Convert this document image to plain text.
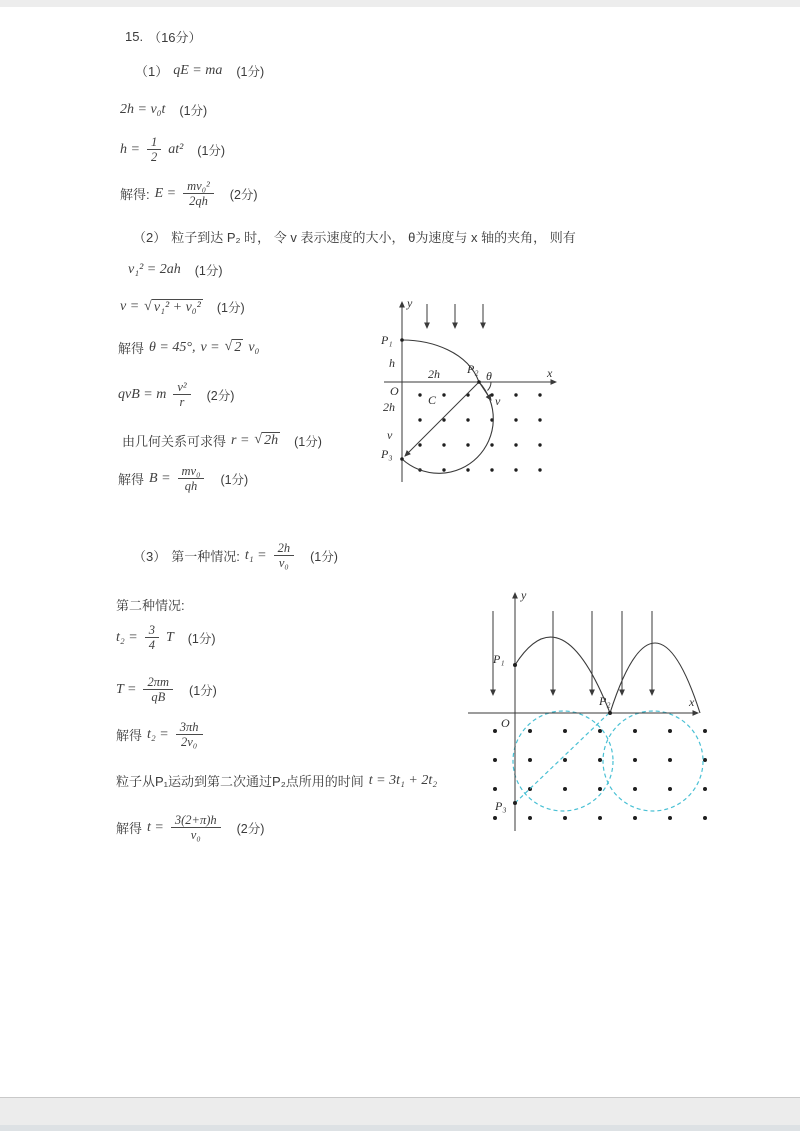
15. （16分）
（1） qE = ma (1分)
2h = v₀t (1分)
$h = \frac{1}{2} at^2$ (1分)
解得: $E = \frac{\text{mv₀²}}{2qh} (2$分)
（2） 粒子到达 P₂ 时， 令 v 表示速度的大小， θ为速度与 x 轴的夹角， 则有
v₁² = 2ah (1分)
v = √ v₁² + v₀² (1分)
解得 θ = 45°, v = √ 2 v₀
qvB = m $\frac{\text{v²}}{r} (2$分)
由几何关系可求得 r = √ 2h (1分)
解得 $B = \frac{\text{mv₀}}{qh} (1$分)
y
x
P₁
h
O
2h P₂ θ
v
C
2h
v
P₃
（3） 第一种情况: $t_1 = \frac{2h}{\text{v₀}} (1$分)
第二种情况:
$t_2 = \frac{3}{4}$ T (1分)
$T = \frac{2\pi m}{qB} (1$分)
解得 $t_2 = \frac{3\pi h}{\text{2v₀}}$
粒子从P₁运动到第二次通过P₂点所用的时间 t = 3t₁ + 2t₂
解得 $t = \frac{3(2+\pi)h}{\text{v₀}} (2$分)
y
x
P₁
O
P₂
P₃
